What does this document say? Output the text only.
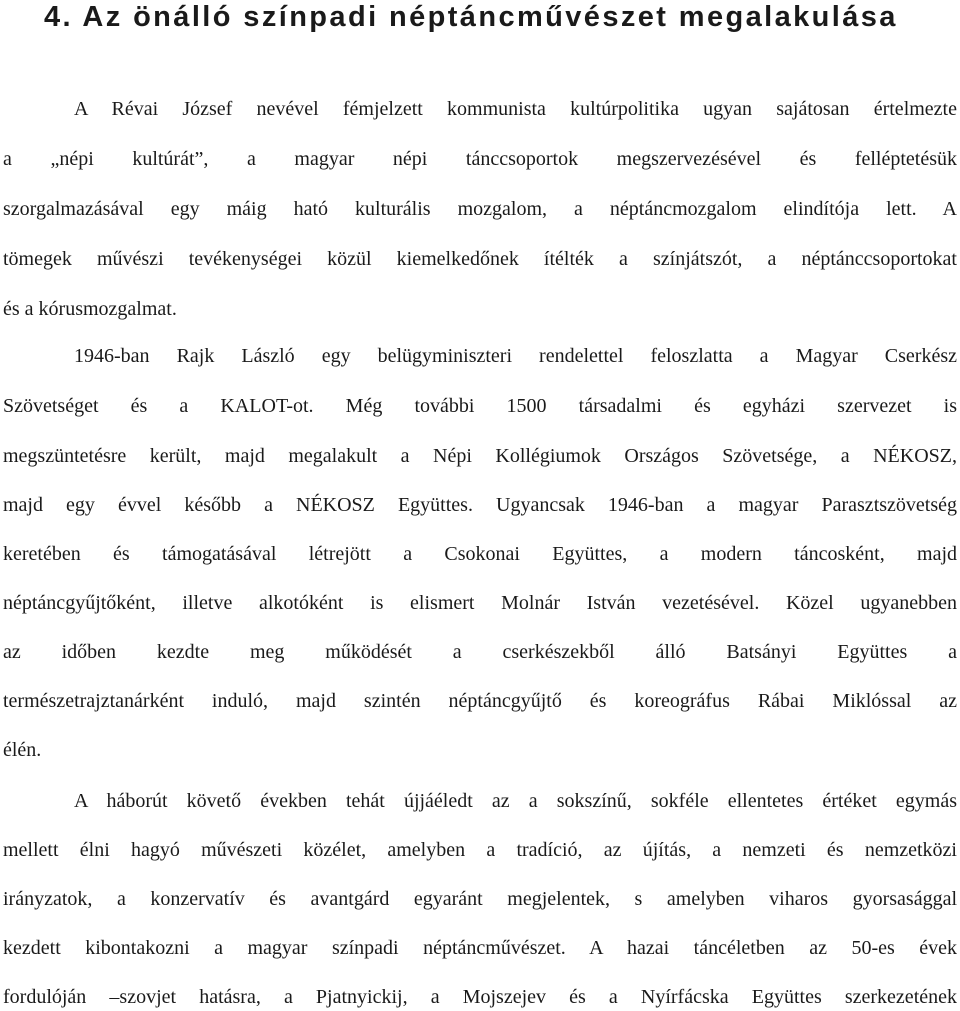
4. Az önálló színpadi néptáncművészet megalakulása
A Révai József nevével fémjelzett kommunista kultúrpolitika ugyan sajátosan értelmezte
a „népi kultúrát”, a magyar népi tánccsoportok megszervezésével és felléptetésük
szorgalmazásával egy máig ható kulturális mozgalom, a néptáncmozgalom elindítója lett. A
tömegek művészi tevékenységei közül kiemelkedőnek ítélték a színjátszót, a néptánccsoportokat
és a kórusmozgalmat.
1946-ban Rajk László egy belügyminiszteri rendelettel feloszlatta a Magyar Cserkész
Szövetséget és a KALOT-ot. Még további 1500 társadalmi és egyházi szervezet is
megszüntetésre került, majd megalakult a Népi Kollégiumok Országos Szövetsége, a NÉKOSZ,
majd egy évvel később a NÉKOSZ Együttes. Ugyancsak 1946-ban a magyar Parasztszövetség
keretében és támogatásával létrejött a Csokonai Együttes, a modern táncosként, majd
néptáncgyűjtőként, illetve alkotóként is elismert Molnár István vezetésével. Közel ugyanebben
az időben kezdte meg működését a cserkészekből álló Batsányi Együttes a
természetrajztanárként induló, majd szintén néptáncgyűjtő és koreográfus Rábai Miklóssal az
élén.
A háborút követő években tehát újjáéledt az a sokszínű, sokféle ellentetes értéket egymás
mellett élni hagyó művészeti közélet, amelyben a tradíció, az újítás, a nemzeti és nemzetközi
irányzatok, a konzervatív és avantgárd egyaránt megjelentek, s amelyben viharos gyorsasággal
kezdett kibontakozni a magyar színpadi néptáncművészet. A hazai táncéletben az 50-es évek
fordulóján –szovjet hatásra, a Pjatnyickij, a Mojszejev és a Nyírfácska Együttes szerkezetének
